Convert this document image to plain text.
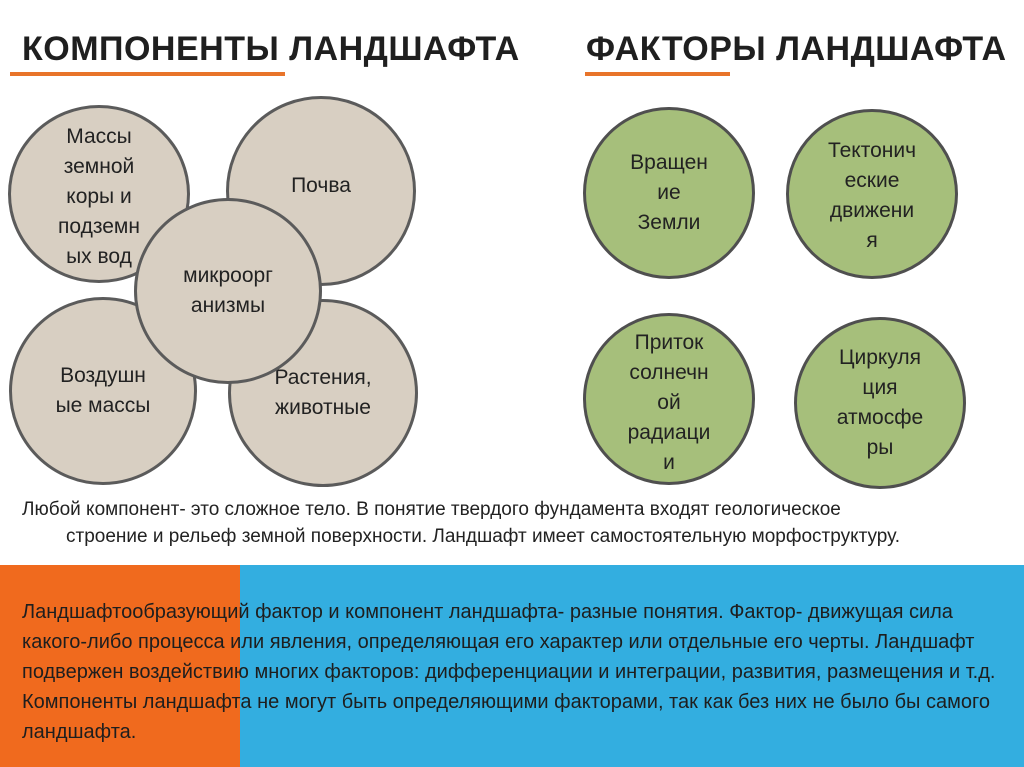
КОМПОНЕНТЫ ЛАНДШАФТА ФАКТОРЫ ЛАНДШАФТА
Массы
земной
коры и
подземн
ых вод
Почва
Воздушн
ые массы
Растения,
животные
микроорг
анизмы
Вращен
ие
Земли
Тектонич
еские
движени
я
Приток
солнечн
ой
радиаци
и
Циркуля
ция
атмосфе
ры
Любой компонент- это сложное тело. В понятие твердого фундамента входят геологическое строение и рельеф земной поверхности. Ландшафт имеет самостоятельную морфоструктуру.
Ландшафтообразующий фактор и компонент ландшафта- разные понятия. Фактор- движущая сила какого-либо процесса или явления, определяющая его характер или отдельные его черты. Ландшафт подвержен воздействию многих факторов: дифференциации и интеграции, развития, размещения и т.д. Компоненты ландшафта не могут быть определяющими факторами, так как без них не было бы самого ландшафта.
